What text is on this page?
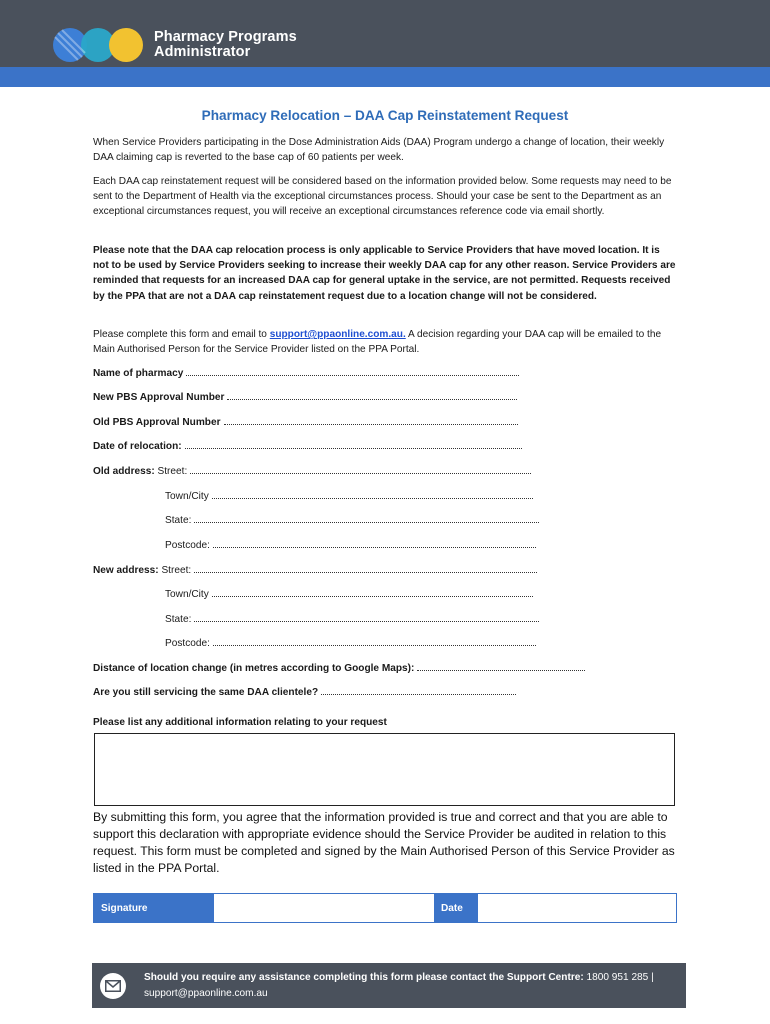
Pharmacy Programs
Administrator
Pharmacy Relocation – DAA Cap Reinstatement Request
When Service Providers participating in the Dose Administration Aids (DAA) Program undergo a change of location, their weekly DAA claiming cap is reverted to the base cap of 60 patients per week.
Each DAA cap reinstatement request will be considered based on the information provided below. Some requests may need to be sent to the Department of Health via the exceptional circumstances process. Should your case be sent to the Department as an exceptional circumstances request, you will receive an exceptional circumstances reference code via email shortly.
Please note that the DAA cap relocation process is only applicable to Service Providers that have moved location. It is not to be used by Service Providers seeking to increase their weekly DAA cap for any other reason. Service Providers are reminded that requests for an increased DAA cap for general uptake in the service, are not permitted. Requests received by the PPA that are not a DAA cap reinstatement request due to a location change will not be considered.
Please complete this form and email to support@ppaonline.com.au. A decision regarding your DAA cap will be emailed to the Main Authorised Person for the Service Provider listed on the PPA Portal.
Name of pharmacy
New PBS Approval Number
Old PBS Approval Number
Date of relocation:
Old address: Street:
Town/City
State:
Postcode:
New address: Street:
Town/City
State:
Postcode:
Distance of location change (in metres according to Google Maps):
Are you still servicing the same DAA clientele?
Please list any additional information relating to your request
By submitting this form, you agree that the information provided is true and correct and that you are able to support this declaration with appropriate evidence should the Service Provider be audited in relation to this request. This form must be completed and signed by the Main Authorised Person of this Service Provider as listed in the PPA Portal.
Signature	Date
Should you require any assistance completing this form please contact the Support Centre: 1800 951 285 | support@ppaonline.com.au
